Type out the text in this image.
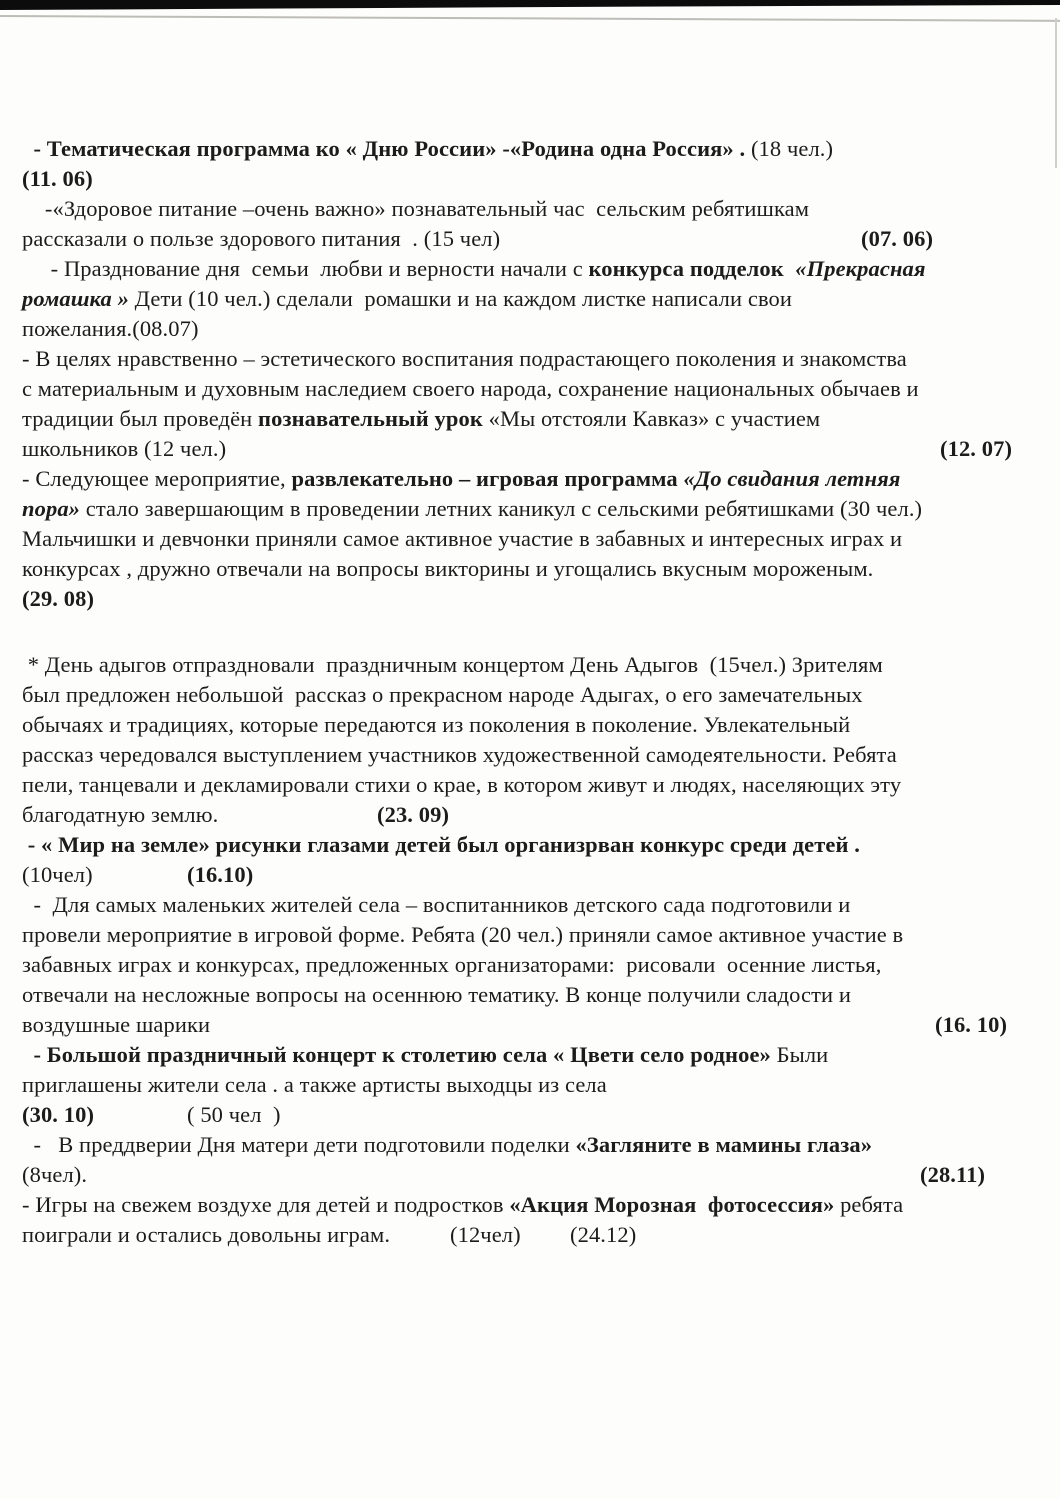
- Тематическая программа ко « Дню России» -«Родина одна Россия» . (18 чел.)
(11. 06)
-«Здоровое питание –очень важно» познавательный час  сельским ребятишкам
рассказали о пользе здорового питания  . (15 чел)	(07. 06)
- Празднование дня  семьи  любви и верности начали с конкурса подделок  «Прекрасная
ромашка » Дети (10 чел.) сделали  ромашки и на каждом листке написали свои
пожелания.(08.07)
- В целях нравственно – эстетического воспитания подрастающего поколения и знакомства
с материальным и духовным наследием своего народа, сохранение национальных обычаев и
традиции был проведён познавательный урок «Мы отстояли Кавказ» с участием
школьников (12 чел.)	(12. 07)
- Следующее мероприятие, развлекательно – игровая программа «До свидания летняя
пора» стало завершающим в проведении летних каникул с сельскими ребятишками (30 чел.)
Мальчишки и девчонки приняли самое активное участие в забавных и интересных играх и
конкурсах , дружно отвечали на вопросы викторины и угощались вкусным мороженым.
(29. 08)
* День адыгов отпраздновали  праздничным концертом День Адыгов  (15чел.) Зрителям
был предложен небольшой  рассказ о прекрасном народе Адыгах, о его замечательных
обычаях и традициях, которые передаются из поколения в поколение. Увлекательный
рассказ чередовался выступлением участников художественной самодеятельности. Ребята
пели, танцевали и декламировали стихи о крае, в котором живут и людях, населяющих эту
благодатную землю.	(23. 09)
- « Мир на земле» рисунки глазами детей был организрван конкурс среди детей .
(10чел)	(16.10)
-  Для самых маленьких жителей села – воспитанников детского сада подготовили и
провели мероприятие в игровой форме. Ребята (20 чел.) приняли самое активное участие в
забавных играх и конкурсах, предложенных организаторами:  рисовали  осенние листья,
отвечали на несложные вопросы на осеннюю тематику. В конце получили сладости и
воздушные шарики	(16. 10)
- Большой праздничный концерт к столетию села « Цвети село родное» Были
приглашены жители села . а также артисты выходцы из села
(30. 10)	( 50 чел  )
-   В преддверии Дня матери дети подготовили поделки «Загляните в мамины глаза»
(8чел).	(28.11)
- Игры на свежем воздухе для детей и подростков «Акция Морозная  фотосессия» ребята
поиграли и остались довольны играм.	(12чел) (24.12)
